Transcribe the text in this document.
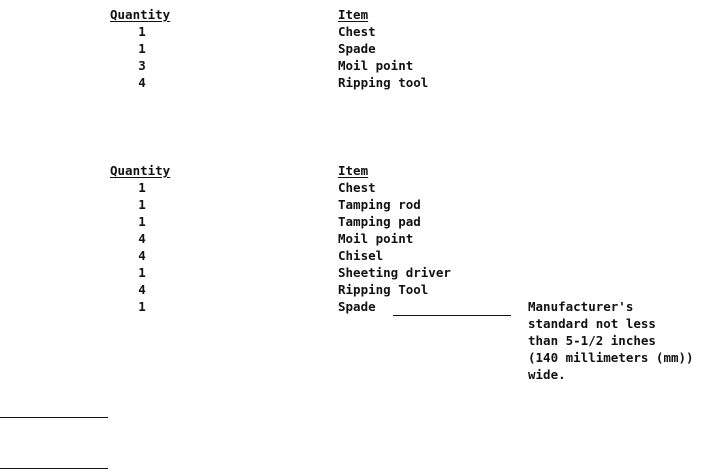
Quantity	Item
1	Chest
1	Spade
3	Moil point
4	Ripping tool
Quantity	Item
1	Chest
1	Tamping rod
1	Tamping pad
4	Moil point
4	Chisel
1	Sheeting driver
4	Ripping Tool
1	Spade	Manufacturer's
standard not less
than 5-1/2 inches
(140 millimeters (mm))
wide.
